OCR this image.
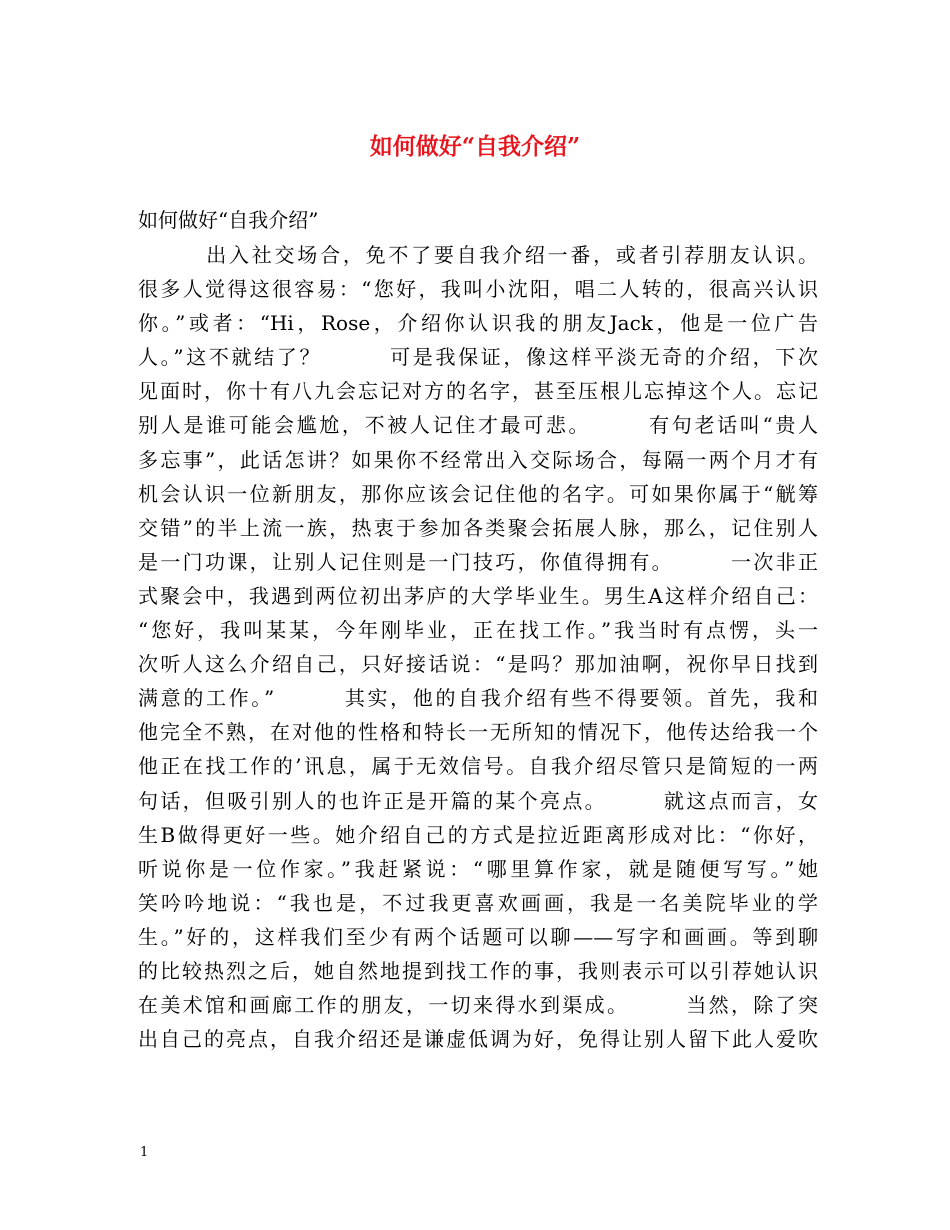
如何做好“自我介绍”

如何做好“自我介绍”

　　　出入社交场合，免不了要自我介绍一番，或者引荐朋友认识。
很多人觉得这很容易：“您好，我叫小沈阳，唱二人转的，很高兴认识
你。”或者：“Hi，Rose，介绍你认识我的朋友Jack，他是一位广告
人。”这不就结了？　　　可是我保证，像这样平淡无奇的介绍，下次
见面时，你十有八九会忘记对方的名字，甚至压根儿忘掉这个人。忘记
别人是谁可能会尴尬，不被人记住才最可悲。　　　有句老话叫“贵人
多忘事”，此话怎讲？如果你不经常出入交际场合，每隔一两个月才有
机会认识一位新朋友，那你应该会记住他的名字。可如果你属于“觥筹
交错”的半上流一族，热衷于参加各类聚会拓展人脉，那么，记住别人
是一门功课，让别人记住则是一门技巧，你值得拥有。　　　一次非正
式聚会中，我遇到两位初出茅庐的大学毕业生。男生A这样介绍自己：
“您好，我叫某某，今年刚毕业，正在找工作。”我当时有点愣，头一
次听人这么介绍自己，只好接话说：“是吗？那加油啊，祝你早日找到
满意的工作。”　　　其实，他的自我介绍有些不得要领。首先，我和
他完全不熟，在对他的性格和特长一无所知的情况下，他传达给我一个
他正在找工作的’讯息，属于无效信号。自我介绍尽管只是简短的一两
句话，但吸引别人的也许正是开篇的某个亮点。　　　就这点而言，女
生B做得更好一些。她介绍自己的方式是拉近距离形成对比：“你好，
听说你是一位作家。”我赶紧说：“哪里算作家，就是随便写写。”她
笑吟吟地说：“我也是，不过我更喜欢画画，我是一名美院毕业的学
生。”好的，这样我们至少有两个话题可以聊——写字和画画。等到聊
的比较热烈之后，她自然地提到找工作的事，我则表示可以引荐她认识
在美术馆和画廊工作的朋友，一切来得水到渠成。　　　当然，除了突
出自己的亮点，自我介绍还是谦虚低调为好，免得让别人留下此人爱吹

1
